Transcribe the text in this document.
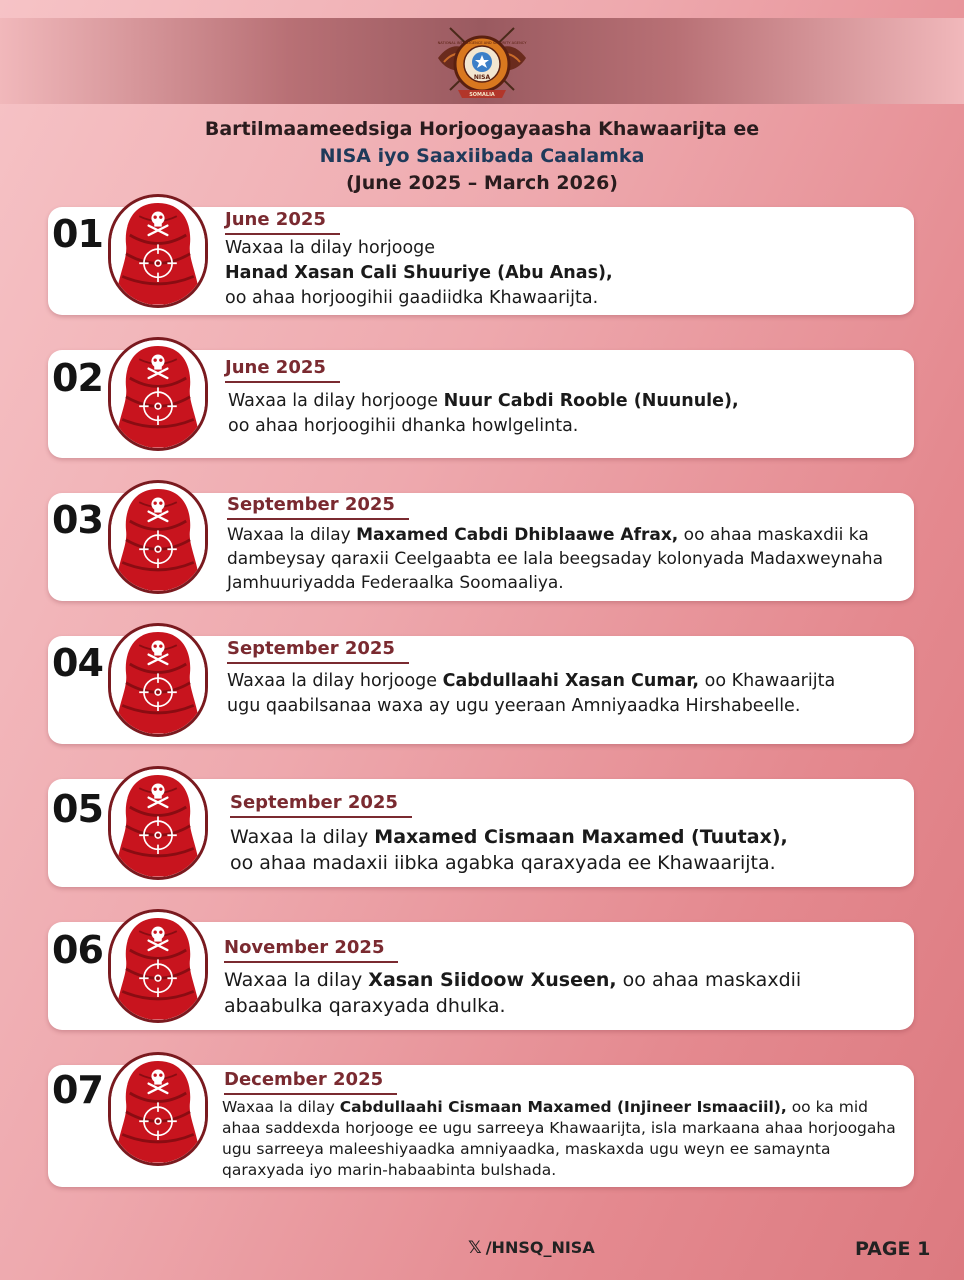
NATIONAL INTELLIGENCE AND SECURITY AGENCY
NISA
SOMALIA
Bartilmaameedsiga Horjoogayaasha Khawaarijta ee
NISA iyo Saaxiibada Caalamka
(June 2025 – March 2026)
01	June 2025
Waxaa la dilay horjooge
Hanad Xasan Cali Shuuriye (Abu Anas),
oo ahaa horjoogihii gaadiidka Khawaarijta.
02	June 2025
Waxaa la dilay horjooge Nuur Cabdi Rooble (Nuunule),
oo ahaa horjoogihii dhanka howlgelinta.
03	September 2025
Waxaa la dilay Maxamed Cabdi Dhiblaawe Afrax, oo ahaa maskaxdii ka dambeysay qaraxii Ceelgaabta ee lala beegsaday kolonyada Madaxweynaha Jamhuuriyadda Federaalka Soomaaliya.
04	September 2025
Waxaa la dilay horjooge Cabdullaahi Xasan Cumar, oo Khawaarijta ugu qaabilsanaa waxa ay ugu yeeraan Amniyaadka Hirshabeelle.
05	September 2025
Waxaa la dilay Maxamed Cismaan Maxamed (Tuutax),
oo ahaa madaxii iibka agabka qaraxyada ee Khawaarijta.
06	November 2025
Waxaa la dilay Xasan Siidoow Xuseen, oo ahaa maskaxdii abaabulka qaraxyada dhulka.
07	December 2025
Waxaa la dilay Cabdullaahi Cismaan Maxamed (Injineer Ismaaciil), oo ka mid ahaa saddexda horjooge ee ugu sarreeya Khawaarijta, isla markaana ahaa horjoogaha ugu sarreeya maleeshiyaadka amniyaadka, maskaxda ugu weyn ee samaynta qaraxyada iyo marin-habaabinta bulshada.
𝕏 /HNSQ_NISA	PAGE 1
